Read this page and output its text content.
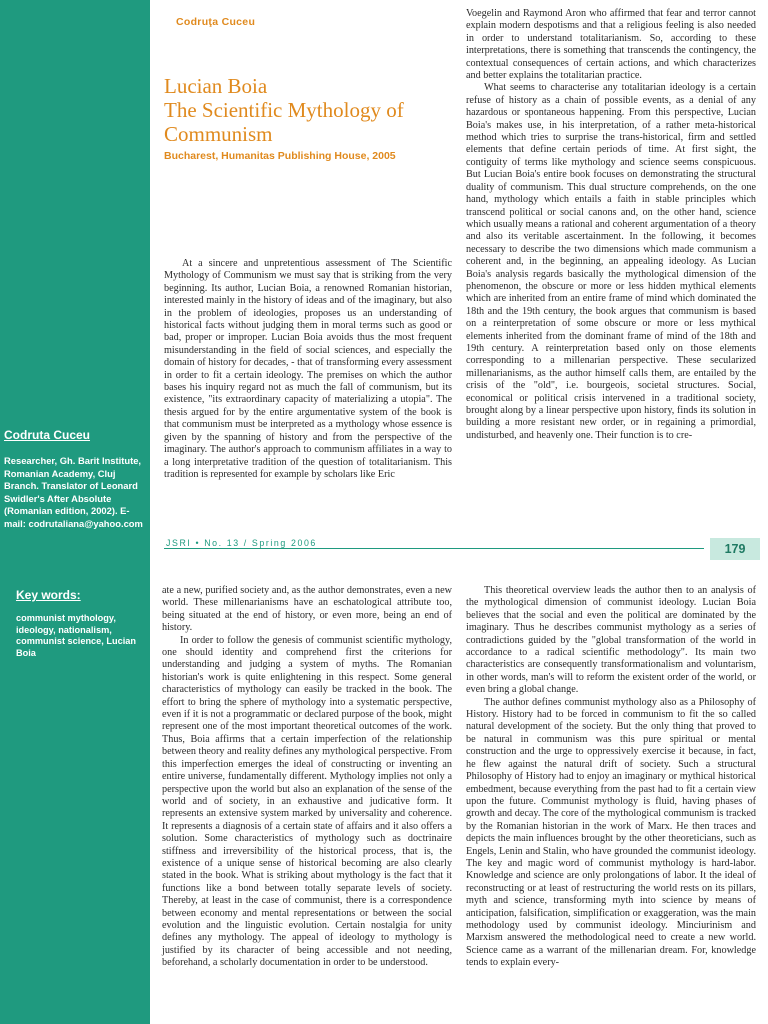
Codruta Cuceu
Researcher, Gh. Barit Institute, Romanian Academy, Cluj Branch. Translator of Leonard Swidler's After Absolute (Romanian edition, 2002). E-mail: codrutaliana@yahoo.com
Key words:
communist mythology, ideology, nationalism, communist science, Lucian Boia
Codruţa Cuceu
Lucian Boia
The Scientific Mythology of
Communism
Bucharest, Humanitas Publishing House, 2005

At a sincere and unpretentious assessment of The Scientific Mythology of Communism we must say that is striking from the very beginning. Its author, Lucian Boia, a renowned Romanian historian, interested mainly in the history of ideas and of the imaginary, but also in the problem of ideologies, proposes us an understanding of historical facts without judging them in moral terms such as good or bad, proper or improper. Lucian Boia avoids thus the most frequent misunderstanding in the field of social sciences, and especially the domain of history for decades, - that of transforming every assessment in order to fit a certain ideology. The premises on which the author bases his inquiry regard not as much the fall of communism, but its existence, "its extraordinary capacity of materializing a utopia". The thesis argued for by the entire argumentative system of the book is that communism must be interpreted as a mythology whose essence is given by the spanning of history and from the perspective of the imaginary. The author's approach to communism affiliates in a way to a long interpretative tradition of the question of totalitarianism. This tradition is represented for example by scholars like Eric

Voegelin and Raymond Aron who affirmed that fear and terror cannot explain modern despotisms and that a religious feeling is also needed in order to understand totalitarianism. So, according to these interpretations, there is something that transcends the contingency, the contextual consequences of certain actions, and which characterizes and better explains the totalitarian practice.

What seems to characterise any totalitarian ideology is a certain refuse of history as a chain of possible events, as a denial of any hazardous or spontaneous happening. From this perspective, Lucian Boia's makes use, in his interpretation, of a rather meta-historical method which tries to surprise the trans-historical, firm and settled elements that define certain periods of time. At first sight, the contiguity of terms like mythology and science seems conspicuous. But Lucian Boia's entire book focuses on demonstrating the structural duality of communism. This dual structure comprehends, on the one hand, mythology which entails a faith in stable principles which transcend political or social canons and, on the other hand, science which usually means a rational and coherent argumentation of a theory and also its veritable ascertainment. In the following, it becomes necessary to describe the two dimensions which made communism a coherent and, in the beginning, an appealing ideology. As Lucian Boia's analysis regards basically the mythological dimension of the phenomenon, the obscure or more or less hidden mythical elements which are inherited from an entire frame of mind which dominated the 18th and the 19th century, the book argues that communism is based on a reinterpretation of some obscure or more or less mythical elements inherited from the dominant frame of mind of the 18th and 19th century. A reinterpretation based only on those elements corresponding to a millenarian perspective. These secularized millenarianisms, as the author himself calls them, are entailed by the crisis of the "old", i.e. bourgeois, societal structures. Social, economical or political crisis intervened in a traditional society, brought along by a linear perspective upon history, finds its solution in building a more resistant new order, or in regaining a primordial, undisturbed, and heavenly one. Their function is to cre-

JSRI • No. 13 / Spring 2006	179

ate a new, purified society and, as the author demonstrates, even a new world. These millenarianisms have an eschatological attribute too, being situated at the end of history, or even more, being an end of history.

In order to follow the genesis of communist scientific mythology, one should identity and comprehend first the criterions for understanding and judging a system of myths. The Romanian historian's work is quite enlightening in this respect. Some general characteristics of mythology can easily be tracked in the book. The effort to bring the sphere of mythology into a systematic perspective, even if it is not a programmatic or declared purpose of the book, might represent one of the most important theoretical outcomes of the work. Thus, Boia affirms that a certain imperfection of the relationship between theory and reality defines any mythological perspective. From this imperfection emerges the ideal of constructing or inventing an entire universe, fundamentally different. Mythology implies not only a perspective upon the world but also an explanation of the sense of the world and of society, in an exhaustive and judicative form. It represents an extensive system marked by universality and coherence. It represents a diagnosis of a certain state of affairs and it also offers a solution. Some characteristics of mythology such as doctrinaire stiffness and irreversibility of the historical process, that is, the existence of a unique sense of historical becoming are also clearly stated in the book. What is striking about mythology is the fact that it functions like a bond between totally separate levels of society. Thereby, at least in the case of communist, there is a correspondence between economy and mental representations or between the social evolution and the linguistic evolution. Certain nostalgia for unity defines any mythology. The appeal of ideology to mythology is justified by its character of being accessible and not needing, beforehand, a scholarly documentation in order to be understood.

This theoretical overview leads the author then to an analysis of the mythological dimension of communist ideology. Lucian Boia believes that the social and even the political are dominated by the imaginary. Thus he describes communist mythology as a series of contradictions guided by the "global transformation of the world in accordance to a radical scientific methodology". Its main two characteristics are consequently transformationalism and voluntarism, in other words, man's will to reform the existent order of the world, or even bring a global change.

The author defines communist mythology also as a Philosophy of History. History had to be forced in communism to fit the so called natural development of the society. But the only thing that proved to be natural in communism was this pure spiritual or mental construction and the urge to oppressively exercise it because, in fact, he flew against the natural drift of society. Such a structural Philosophy of History had to enjoy an imaginary or mythical historical embedment, because everything from the past had to fit a certain view upon the future. Communist mythology is fluid, having phases of growth and decay. The core of the mythological communism is tracked by the Romanian historian in the work of Marx. He then traces and depicts the main influences brought by the other theoreticians, such as Engels, Lenin and Stalin, who have grounded the communist ideology. The key and magic word of communist mythology is hard-labor. Knowledge and science are only prolongations of labor. It the ideal of reconstructing or at least of restructuring the world rests on its pillars, myth and science, transforming myth into science by means of anticipation, falsification, simplification or exaggeration, was the main methodology used by communist ideology. Minciurinism and Marxism answered the methodological need to create a new world. Science came as a warrant of the millenarian dream. For, knowledge tends to explain every-
